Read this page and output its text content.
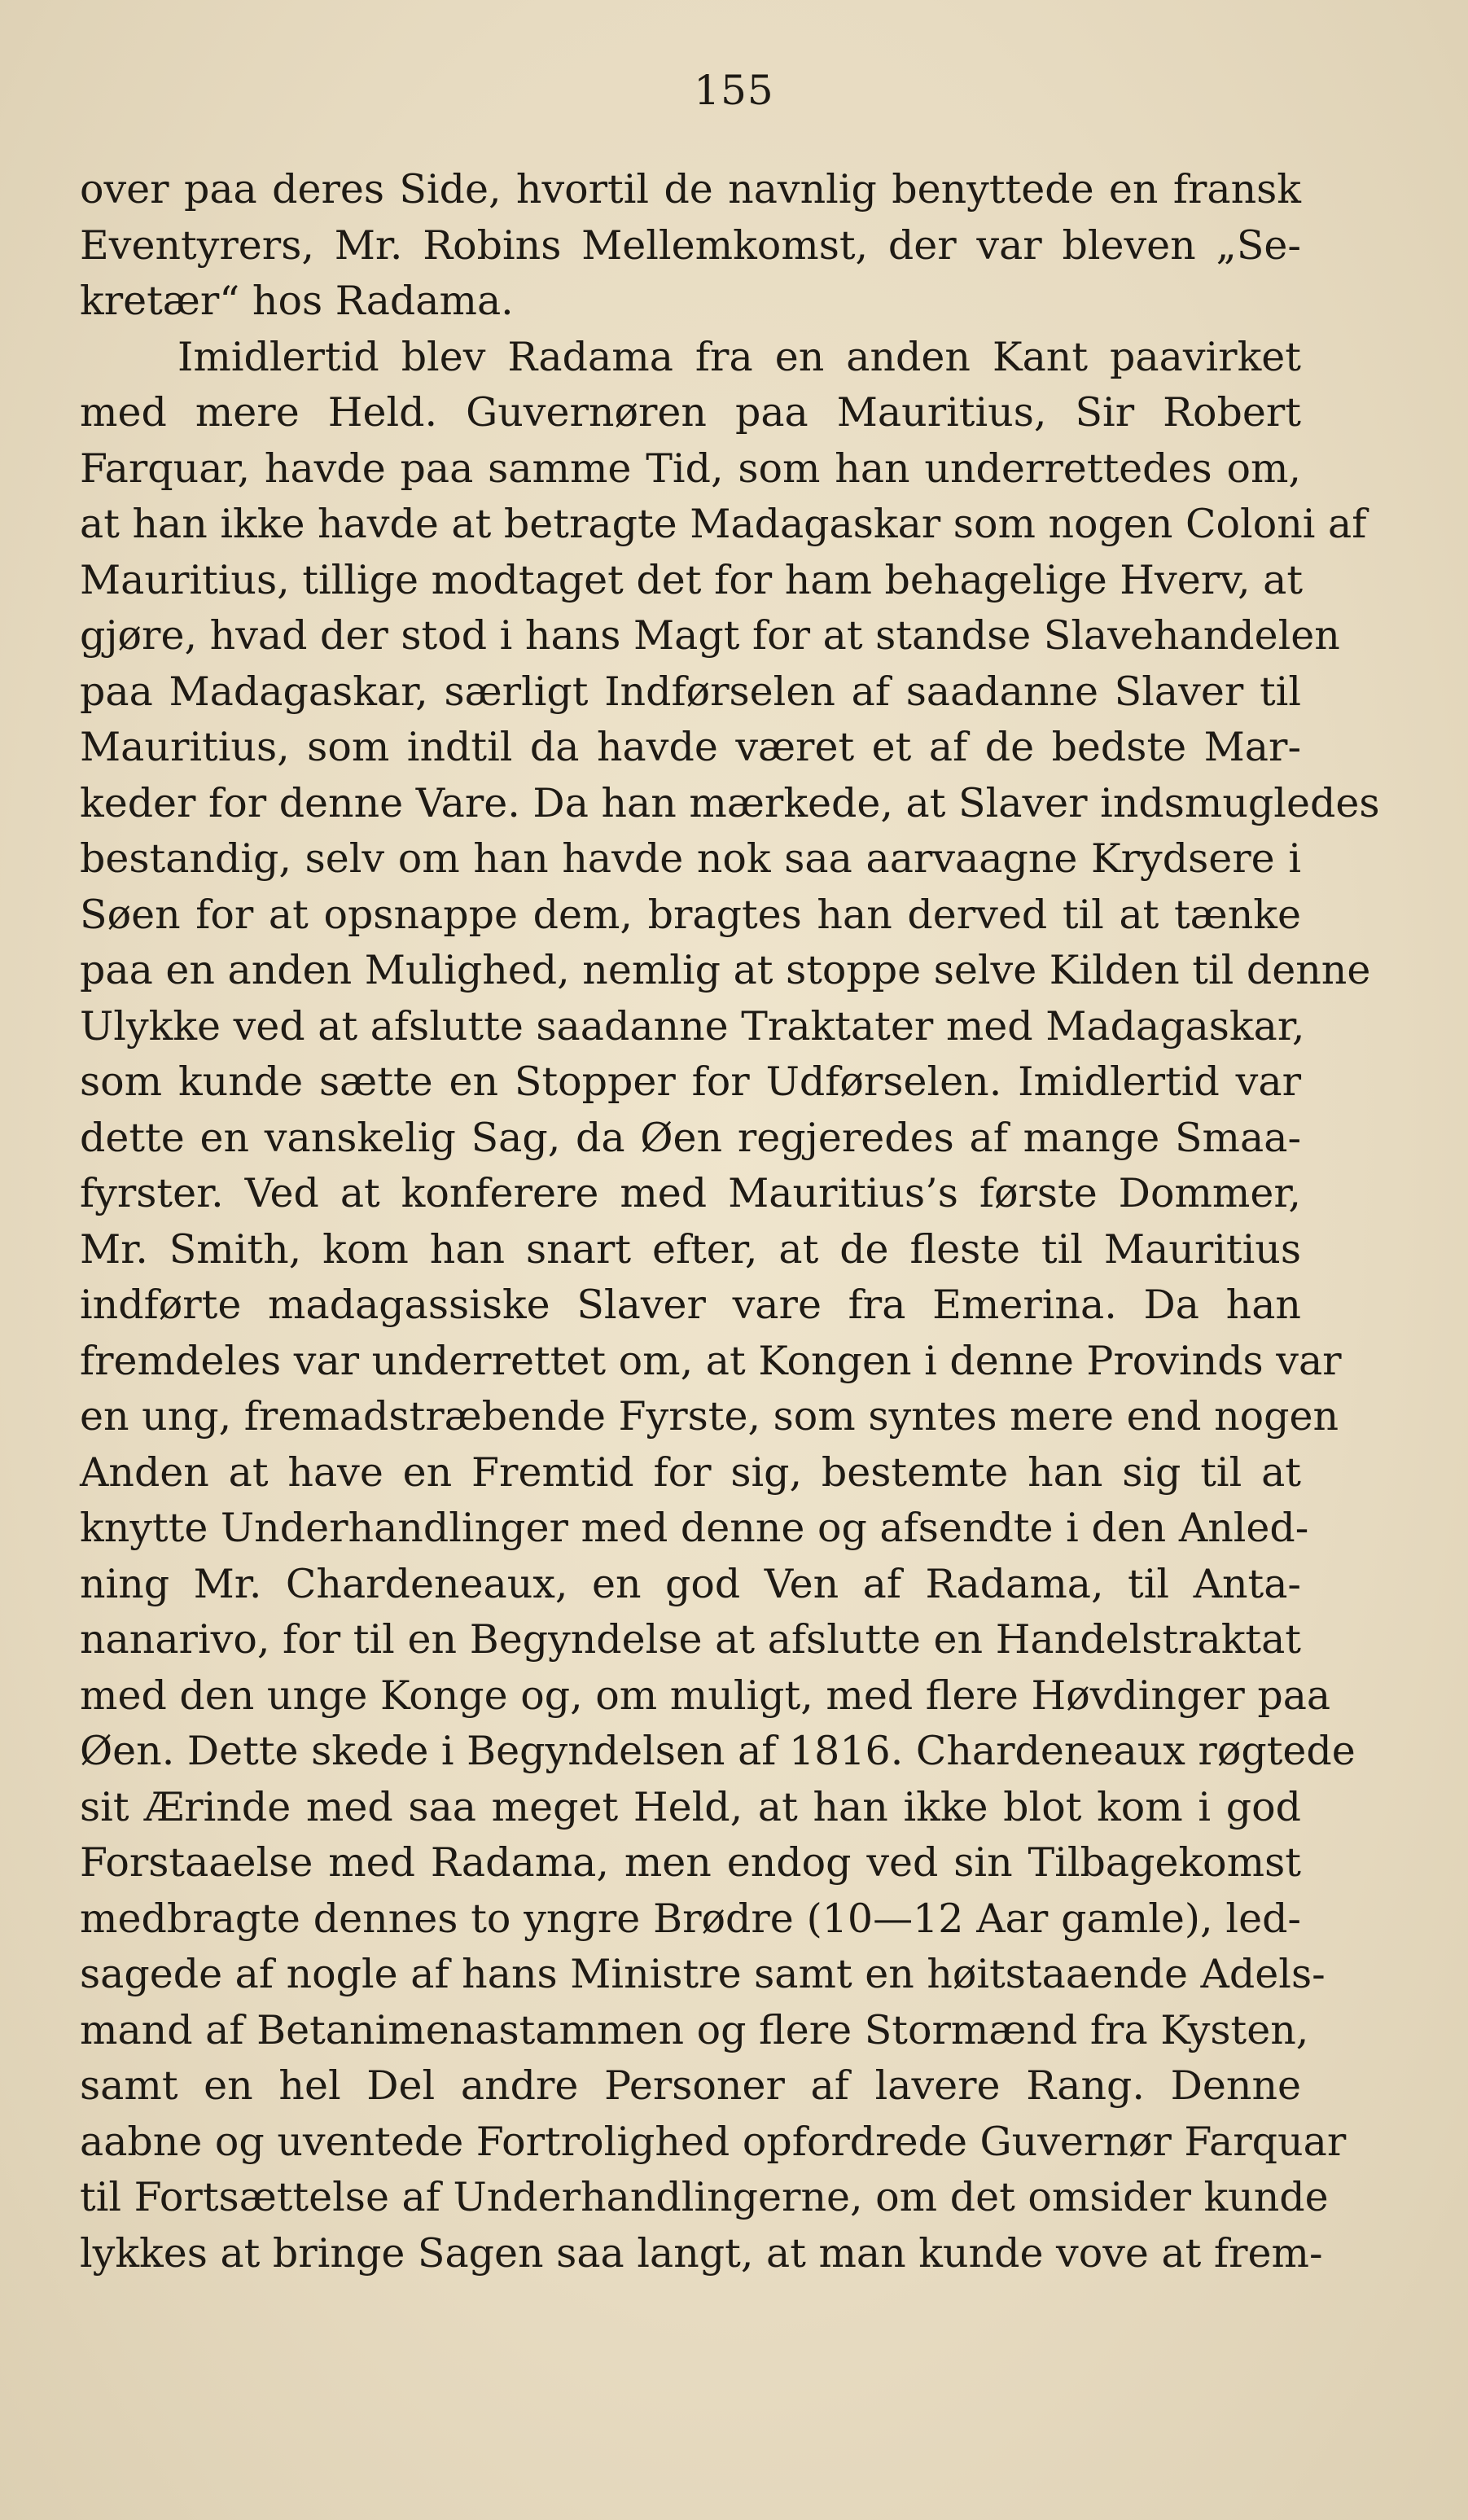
155
over paa deres Side, hvortil de navnlig benyttede en fransk
Eventyrers, Mr. Robins Mellemkomst, der var bleven „Se-
kretær“ hos Radama.
Imidlertid blev Radama fra en anden Kant paavirket
med mere Held. Guvernøren paa Mauritius, Sir Robert
Farquar, havde paa samme Tid, som han underrettedes om,
at han ikke havde at betragte Madagaskar som nogen Coloni af
Mauritius, tillige modtaget det for ham behagelige Hverv, at
gjøre, hvad der stod i hans Magt for at standse Slavehandelen
paa Madagaskar, særligt Indførselen af saadanne Slaver til
Mauritius, som indtil da havde været et af de bedste Mar-
keder for denne Vare. Da han mærkede, at Slaver indsmugledes
bestandig, selv om han havde nok saa aarvaagne Krydsere i
Søen for at opsnappe dem, bragtes han derved til at tænke
paa en anden Mulighed, nemlig at stoppe selve Kilden til denne
Ulykke ved at afslutte saadanne Traktater med Madagaskar,
som kunde sætte en Stopper for Udførselen. Imidlertid var
dette en vanskelig Sag, da Øen regjeredes af mange Smaa-
fyrster. Ved at konferere med Mauritius’s første Dommer,
Mr. Smith, kom han snart efter, at de fleste til Mauritius
indførte madagassiske Slaver vare fra Emerina. Da han
fremdeles var underrettet om, at Kongen i denne Provinds var
en ung, fremadstræbende Fyrste, som syntes mere end nogen
Anden at have en Fremtid for sig, bestemte han sig til at
knytte Underhandlinger med denne og afsendte i den Anled-
ning Mr. Chardeneaux, en god Ven af Radama, til Anta-
nanarivo, for til en Begyndelse at afslutte en Handelstraktat
med den unge Konge og, om muligt, med flere Høvdinger paa
Øen. Dette skede i Begyndelsen af 1816. Chardeneaux røgtede
sit Ærinde med saa meget Held, at han ikke blot kom i god
Forstaaelse med Radama, men endog ved sin Tilbagekomst
medbragte dennes to yngre Brødre (10—12 Aar gamle), led-
sagede af nogle af hans Ministre samt en høitstaaende Adels-
mand af Betanimenastammen og flere Stormænd fra Kysten,
samt en hel Del andre Personer af lavere Rang. Denne
aabne og uventede Fortrolighed opfordrede Guvernør Farquar
til Fortsættelse af Underhandlingerne, om det omsider kunde
lykkes at bringe Sagen saa langt, at man kunde vove at frem-
